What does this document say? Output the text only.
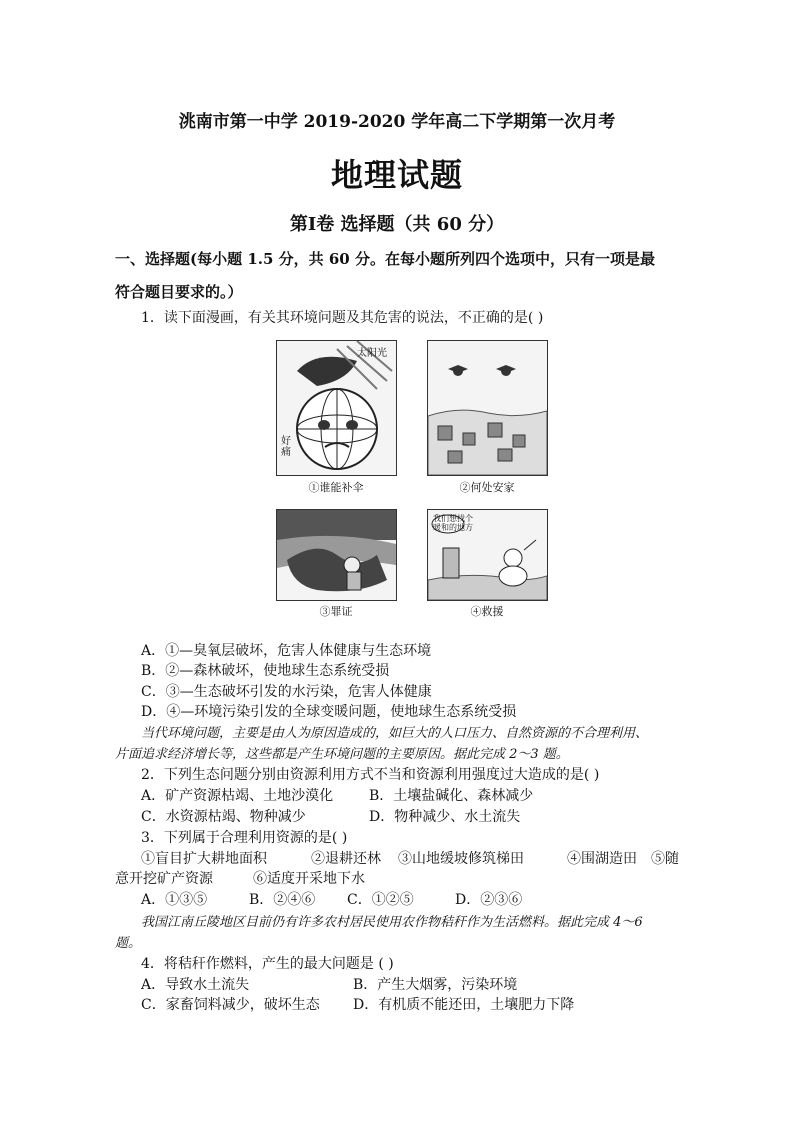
洮南市第一中学 2019-2020 学年高二下学期第一次月考
地理试题
第Ⅰ卷 选择题（共 60 分）
一、选择题(每小题 1.5 分，共 60 分。在每小题所列四个选项中，只有一项是最
符合题目要求的。）
1．读下面漫画，有关其环境问题及其危害的说法，不正确的是( )
太阳光
好痛
①谁能补伞	②何处安家
③罪证
我们想找个暖和的地方
④救援
A．①—臭氧层破坏，危害人体健康与生态环境
B．②—森林破坏，使地球生态系统受损
C．③—生态破坏引发的水污染，危害人体健康
D．④—环境污染引发的全球变暖问题，使地球生态系统受损
当代环境问题，主要是由人为原因造成的，如巨大的人口压力、自然资源的不合理利用、
片面追求经济增长等，这些都是产生环境问题的主要原因。据此完成 2～3 题。
2．下列生态问题分别由资源利用方式不当和资源利用强度过大造成的是( )
A．矿产资源枯竭、土地沙漠化	B．土壤盐碱化、森林减少
C．水资源枯竭、物种减少	D．物种减少、水土流失
3．下列属于合理利用资源的是( )
①盲目扩大耕地面积	②退耕还林 ③山地缓坡修筑梯田	④围湖造田 ⑤随
意开挖矿产资源	⑥适度开采地下水
A．①③⑤	B．②④⑥ C．①②⑤	D．②③⑥
我国江南丘陵地区目前仍有许多农村居民使用农作物秸秆作为生活燃料。据此完成 4～6
题。
4．将秸秆作燃料，产生的最大问题是 ( )
A．导致水土流失	B．产生大烟雾，污染环境
C．家畜饲料减少，破坏生态 D．有机质不能还田，土壤肥力下降
